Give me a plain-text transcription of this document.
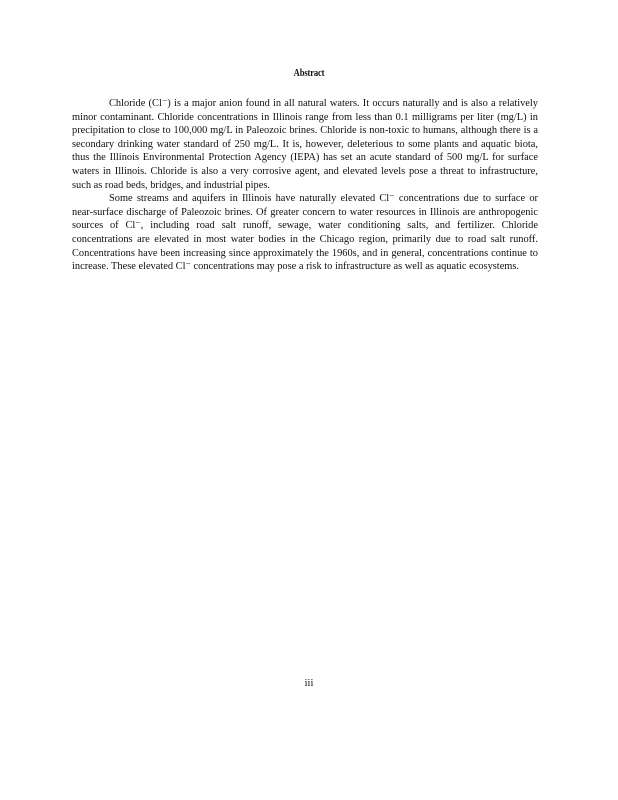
Abstract

Chloride (Cl⁻) is a major anion found in all natural waters. It occurs naturally and is also a relatively minor contaminant. Chloride concentrations in Illinois range from less than 0.1 milligrams per liter (mg/L) in precipitation to close to 100,000 mg/L in Paleozoic brines. Chloride is non-toxic to humans, although there is a secondary drinking water standard of 250 mg/L. It is, however, deleterious to some plants and aquatic biota, thus the Illinois Environmental Protection Agency (IEPA) has set an acute standard of 500 mg/L for surface waters in Illinois. Chloride is also a very corrosive agent, and elevated levels pose a threat to infrastructure, such as road beds, bridges, and industrial pipes.

Some streams and aquifers in Illinois have naturally elevated Cl⁻ concentrations due to surface or near-surface discharge of Paleozoic brines. Of greater concern to water resources in Illinois are anthropogenic sources of Cl⁻, including road salt runoff, sewage, water conditioning salts, and fertilizer. Chloride concentrations are elevated in most water bodies in the Chicago region, primarily due to road salt runoff. Concentrations have been increasing since approximately the 1960s, and in general, concentrations continue to increase. These elevated Cl⁻ concentrations may pose a risk to infrastructure as well as aquatic ecosystems.

iii
